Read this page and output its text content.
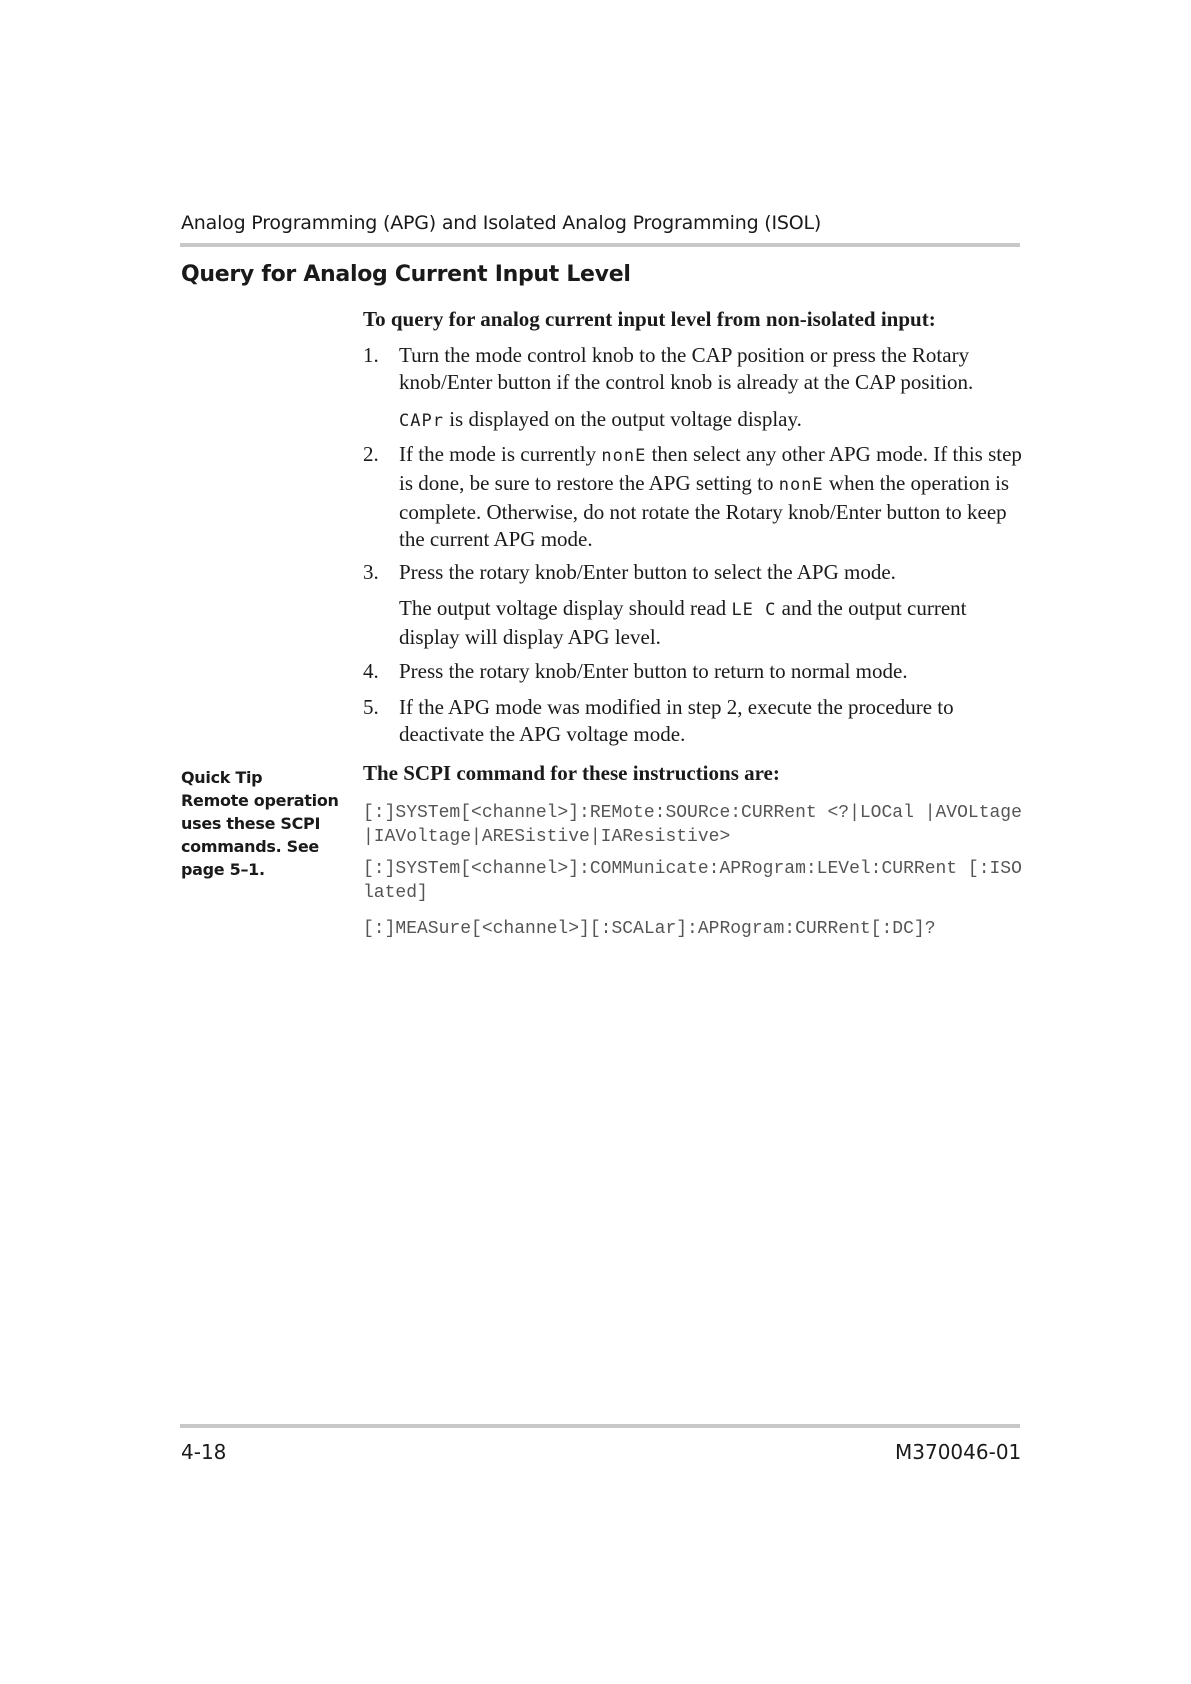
Analog Programming (APG) and Isolated Analog Programming (ISOL)
Query for Analog Current Input Level
To query for analog current input level from non-isolated input:
1. Turn the mode control knob to the CAP position or press the Rotary knob/Enter button if the control knob is already at the CAP position.
CAPr is displayed on the output voltage display.
2. If the mode is currently nonE then select any other APG mode. If this step is done, be sure to restore the APG setting to nonE when the operation is complete. Otherwise, do not rotate the Rotary knob/Enter button to keep the current APG mode.
3. Press the rotary knob/Enter button to select the APG mode.
The output voltage display should read LE C and the output current display will display APG level.
4. Press the rotary knob/Enter button to return to normal mode.
5. If the APG mode was modified in step 2, execute the procedure to deactivate the APG voltage mode.
Quick Tip
Remote operation uses these SCPI commands. See page 5–1.
The SCPI command for these instructions are:
[:]SYSTem[<channel>]:REMote:SOURce:CURRent <?|LOCal |AVOLtage|IAVoltage|ARESistive|IAResistive>
[:]SYSTem[<channel>]:COMMunicate:APRogram:LEVel:CURRent [:ISOlated]
[:]MEASure[<channel>][:SCALar]:APRogram:CURRent[:DC]?
4-18	M370046-01
